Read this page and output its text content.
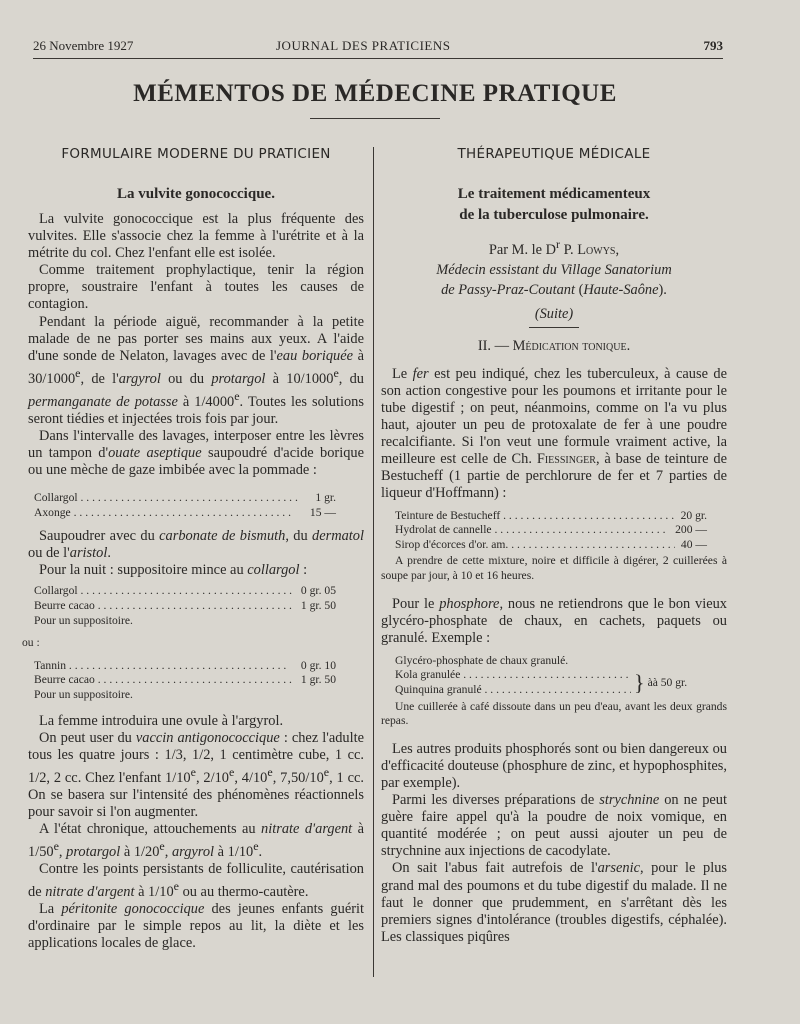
26 Novembre 1927	JOURNAL DES PRATICIENS	793
MÉMENTOS DE MÉDECINE PRATIQUE
FORMULAIRE MODERNE DU PRATICIEN
La vulvite gonococcique.

La vulvite gonococcique est la plus fréquente des vulvites. Elle s'associe chez la femme à l'urétrite et à la métrite du col. Chez l'enfant elle est isolée.

Comme traitement prophylactique, tenir la région propre, soustraire l'enfant à toutes les causes de contagion.

Pendant la période aiguë, recommander à la petite malade de ne pas porter ses mains aux yeux. A l'aide d'une sonde de Nelaton, lavages avec de l'eau boriquée à 30/1000e, de l'argyrol ou du protargol à 10/1000e, du permanganate de potasse à 1/4000e. Toutes les solutions seront tiédies et injectées trois fois par jour.

Dans l'intervalle des lavages, interposer entre les lèvres un tampon d'ouate aseptique saupoudré d'acide borique ou une mèche de gaze imbibée avec la pommade :

Collargol . . .	1 gr.
Axonge . . .	15 —

Saupoudrer avec du carbonate de bismuth, du dermatol ou de l'aristol.

Pour la nuit : suppositoire mince au collargol :

Collargol . . .	0 gr. 05
Beurre cacao . . .	1 gr. 50
Pour un suppositoire.
ou :
Tannin . . .	0 gr. 10
Beurre cacao . . .	1 gr. 50
Pour un suppositoire.

La femme introduira une ovule à l'argyrol.

On peut user du vaccin antigonococcique : chez l'adulte tous les quatre jours : 1/3, 1/2, 1 centimètre cube, 1 cc. 1/2, 2 cc. Chez l'enfant 1/10e, 2/10e, 4/10e, 7,50/10e, 1 cc. On se basera sur l'intensité des phénomènes réactionnels pour savoir si l'on augmenter.

A l'état chronique, attouchements au nitrate d'argent à 1/50e, protargol à 1/20e, argyrol à 1/10e.

Contre les points persistants de folliculite, cautérisation de nitrate d'argent à 1/10e ou au thermo-cautère.

La péritonite gonococcique des jeunes enfants guérit d'ordinaire par le simple repos au lit, la diète et les applications locales de glace.

THÉRAPEUTIQUE MÉDICALE
Le traitement médicamenteux
de la tuberculose pulmonaire.
Par M. le $D^r$ P. Lowys,
Médecin essistant du Village Sanatorium
de Passy-Praz-Coutant (Haute-Saône).
(Suite)
II. — Médication tonique.

Le fer est peu indiqué, chez les tuberculeux, à cause de son action congestive pour les poumons et irritante pour le tube digestif ; on peut, néanmoins, comme on l'a vu plus haut, ajouter un peu de protoxalate de fer à une poudre recalcifiante. Si l'on veut une formule vraiment active, la meilleure est celle de Ch. Fiessinger, à base de teinture de Bestucheff (1 partie de perchlorure de fer et 7 parties de liqueur d'Hoffmann) :

Teinture de Bestucheff . . .	20 gr.
Hydrolat de cannelle . . .	200 —
Sirop d'écorces d'or. am. . . .	40 —

A prendre de cette mixture, noire et difficile à digérer, 2 cuillerées à soupe par jour, à 10 et 16 heures.

Pour le phosphore, nous ne retiendrons que le bon vieux glycéro-phosphate de chaux, en cachets, paquets ou granulé. Exemple :

Glycéro-phosphate de chaux granulé.
Kola granulée . . .
Quinquina granulé . . .	} àà 50 gr.

Une cuillerée à café dissoute dans un peu d'eau, avant les deux grands repas.

Les autres produits phosphorés sont ou bien dangereux ou d'efficacité douteuse (phosphure de zinc, et hypophosphites, par exemple).

Parmi les diverses préparations de strychnine on ne peut guère faire appel qu'à la poudre de noix vomique, en quantité modérée ; on peut aussi ajouter un peu de strychnine aux injections de cacodylate.

On sait l'abus fait autrefois de l'arsenic, pour le plus grand mal des poumons et du tube digestif du malade. Il ne faut le donner que prudemment, en s'arrêtant dès les premiers signes d'intolérance (troubles digestifs, céphalée). Les classiques piqûres
